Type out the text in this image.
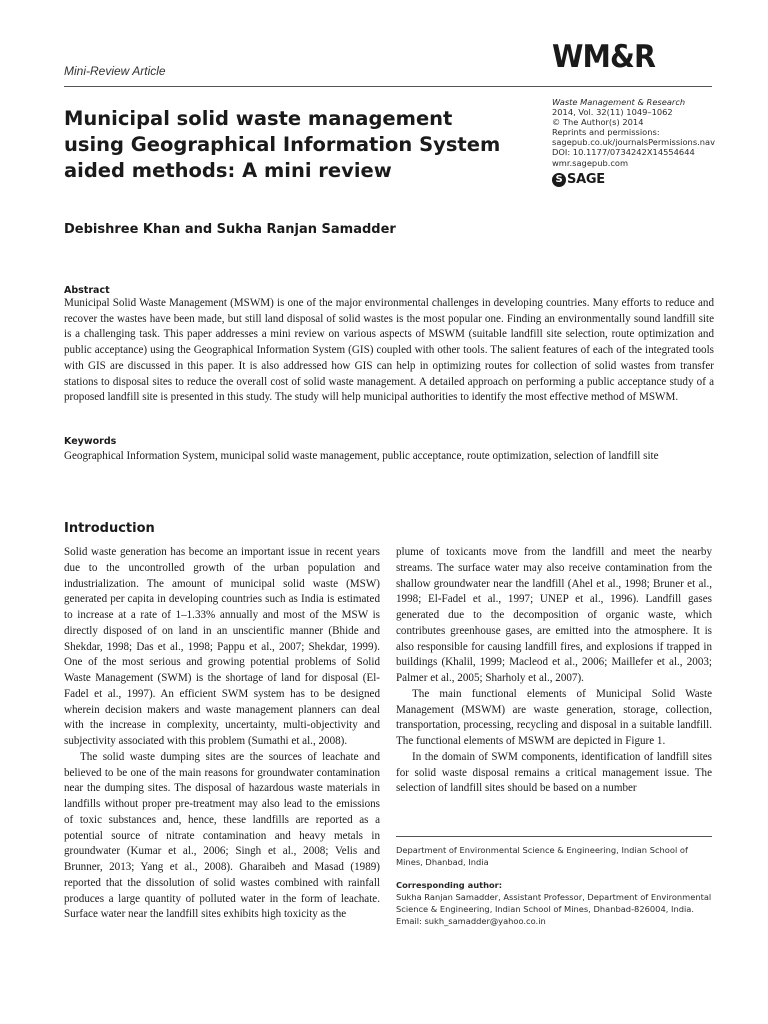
Mini-Review Article	WM&R
Municipal solid waste management using Geographical Information System aided methods: A mini review
Waste Management & Research
2014, Vol. 32(11) 1049–1062
© The Author(s) 2014
Reprints and permissions:
sagepub.co.uk/journalsPermissions.nav
DOI: 10.1177/0734242X14554644
wmr.sagepub.com
S SAGE
Debishree Khan and Sukha Ranjan Samadder
Abstract
Municipal Solid Waste Management (MSWM) is one of the major environmental challenges in developing countries. Many efforts to reduce and recover the wastes have been made, but still land disposal of solid wastes is the most popular one. Finding an environmentally sound landfill site is a challenging task. This paper addresses a mini review on various aspects of MSWM (suitable landfill site selection, route optimization and public acceptance) using the Geographical Information System (GIS) coupled with other tools. The salient features of each of the integrated tools with GIS are discussed in this paper. It is also addressed how GIS can help in optimizing routes for collection of solid wastes from transfer stations to disposal sites to reduce the overall cost of solid waste management. A detailed approach on performing a public acceptance study of a proposed landfill site is presented in this study. The study will help municipal authorities to identify the most effective method of MSWM.
Keywords
Geographical Information System, municipal solid waste management, public acceptance, route optimization, selection of landfill site
Introduction

Solid waste generation has become an important issue in recent years due to the uncontrolled growth of the urban population and industrialization. The amount of municipal solid waste (MSW) generated per capita in developing countries such as India is estimated to increase at a rate of 1–1.33% annually and most of the MSW is directly disposed of on land in an unscientific manner (Bhide and Shekdar, 1998; Das et al., 1998; Pappu et al., 2007; Shekdar, 1999). One of the most serious and growing potential problems of Solid Waste Management (SWM) is the shortage of land for disposal (El-Fadel et al., 1997). An efficient SWM system has to be designed wherein decision makers and waste management planners can deal with the increase in complexity, uncertainty, multi-objectivity and subjectivity associated with this problem (Sumathi et al., 2008).

The solid waste dumping sites are the sources of leachate and believed to be one of the main reasons for groundwater contamination near the dumping sites. The disposal of hazardous waste materials in landfills without proper pre-treatment may also lead to the emissions of toxic substances and, hence, these landfills are reported as a potential source of nitrate contamination and heavy metals in groundwater (Kumar et al., 2006; Singh et al., 2008; Velis and Brunner, 2013; Yang et al., 2008). Gharaibeh and Masad (1989) reported that the dissolution of solid wastes combined with rainfall produces a large quantity of polluted water in the form of leachate. Surface water near the landfill sites exhibits high toxicity as the

plume of toxicants move from the landfill and meet the nearby streams. The surface water may also receive contamination from the shallow groundwater near the landfill (Ahel et al., 1998; Bruner et al., 1998; El-Fadel et al., 1997; UNEP et al., 1996). Landfill gases generated due to the decomposition of organic waste, which contributes greenhouse gases, are emitted into the atmosphere. It is also responsible for causing landfill fires, and explosions if trapped in buildings (Khalil, 1999; Macleod et al., 2006; Maillefer et al., 2003; Palmer et al., 2005; Sharholy et al., 2007).

The main functional elements of Municipal Solid Waste Management (MSWM) are waste generation, storage, collection, transportation, processing, recycling and disposal in a suitable landfill. The functional elements of MSWM are depicted in Figure 1.

In the domain of SWM components, identification of landfill sites for solid waste disposal remains a critical management issue. The selection of landfill sites should be based on a number

Department of Environmental Science & Engineering, Indian School of Mines, Dhanbad, India
Corresponding author:
Sukha Ranjan Samadder, Assistant Professor, Department of Environmental Science & Engineering, Indian School of Mines, Dhanbad-826004, India.
Email: sukh_samadder@yahoo.co.in
